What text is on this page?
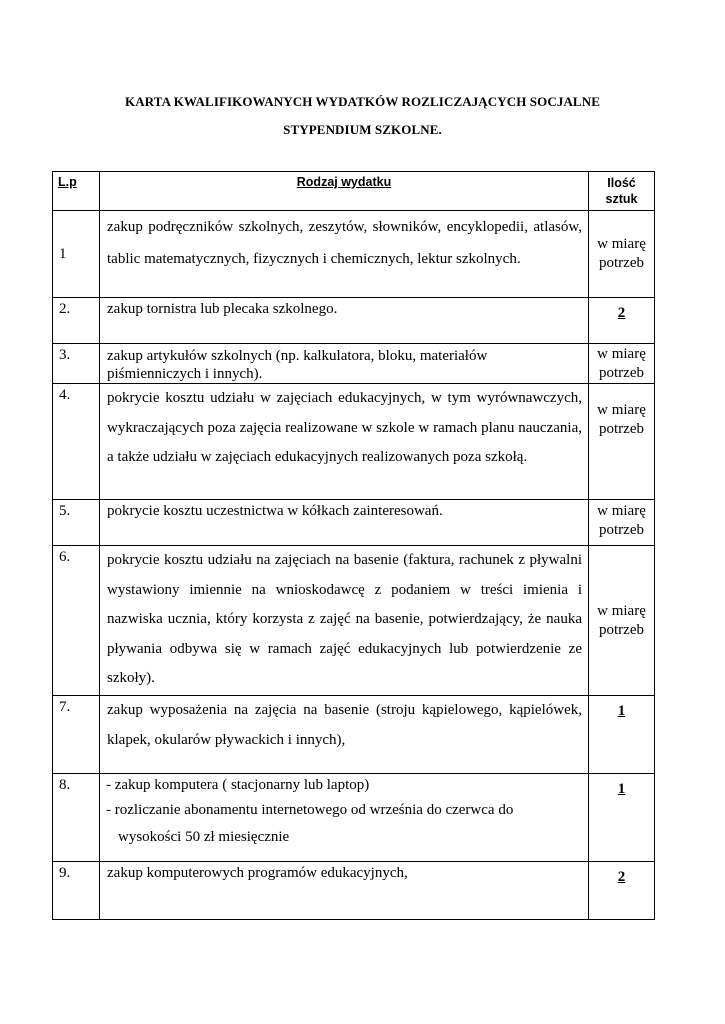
KARTA KWALIFIKOWANYCH WYDATKÓW ROZLICZAJĄCYCH SOCJALNE
STYPENDIUM SZKOLNE.
L.p	Rodzaj wydatku	Ilość
sztuk

1	zakup podręczników szkolnych, zeszytów, słowników, encyklopedii, atlasów, tablic matematycznych, fizycznych i chemicznych, lektur szkolnych.	w miarę potrzeb
2.	zakup tornistra lub plecaka szkolnego.	2
3.	zakup artykułów szkolnych (np. kalkulatora, bloku, materiałów piśmienniczych i innych).	w miarę potrzeb
4.	pokrycie kosztu udziału w zajęciach edukacyjnych, w tym wyrównawczych, wykraczających poza zajęcia realizowane w szkole w ramach planu nauczania, a także udziału w zajęciach edukacyjnych realizowanych poza szkołą.	w miarę potrzeb
5.	pokrycie kosztu uczestnictwa w kółkach zainteresowań.	w miarę potrzeb
6.	pokrycie kosztu udziału na zajęciach na basenie (faktura, rachunek z pływalni wystawiony imiennie na wnioskodawcę z podaniem w treści imienia i nazwiska ucznia, który korzysta z zajęć na basenie, potwierdzający, że nauka pływania odbywa się w ramach zajęć edukacyjnych lub potwierdzenie ze szkoły).	w miarę potrzeb
7.	zakup wyposażenia na zajęcia na basenie (stroju kąpielowego, kąpielówek, klapek, okularów pływackich i innych),	1
8.	- zakup komputera ( stacjonarny lub laptop)
- rozliczanie abonamentu internetowego od września do czerwca do
wysokości 50 zł miesięcznie	1
9.	zakup komputerowych programów edukacyjnych,	2
